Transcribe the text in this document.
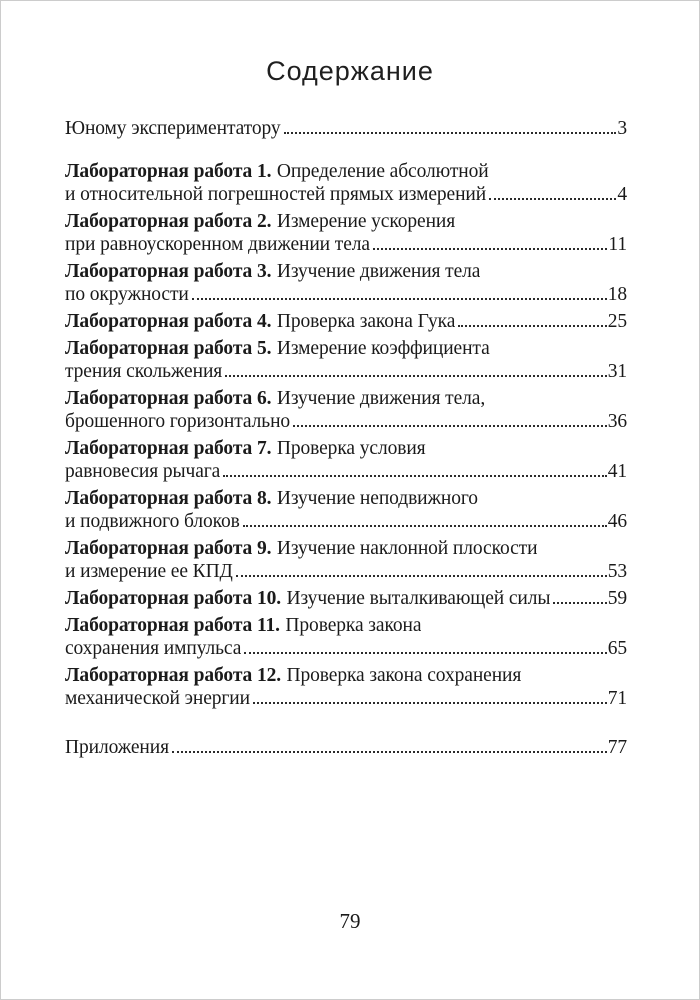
Содержание
Юному экспериментатору	3
Лабораторная работа 1. Определение абсолютной
и относительной погрешностей прямых измерений	4
Лабораторная работа 2. Измерение ускорения
при равноускоренном движении тела	11
Лабораторная работа 3. Изучение движения тела
по окружности	18
Лабораторная работа 4. Проверка закона Гука	25
Лабораторная работа 5. Измерение коэффициента
трения скольжения	31
Лабораторная работа 6. Изучение движения тела,
брошенного горизонтально	36
Лабораторная работа 7. Проверка условия
равновесия рычага	41
Лабораторная работа 8. Изучение неподвижного
и подвижного блоков	46
Лабораторная работа 9. Изучение наклонной плоскости
и измерение ее КПД	53
Лабораторная работа 10. Изучение выталкивающей силы	59
Лабораторная работа 11. Проверка закона
сохранения импульса	65
Лабораторная работа 12. Проверка закона сохранения
механической энергии	71
Приложения	77
79
